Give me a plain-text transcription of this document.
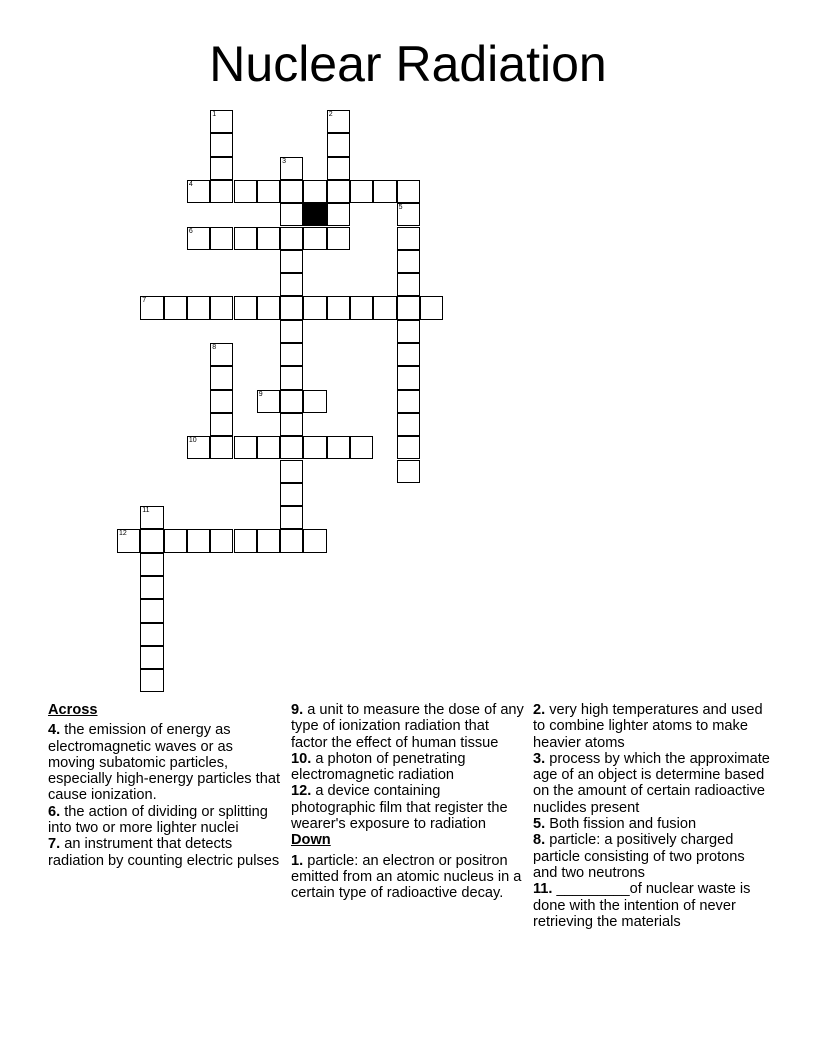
Nuclear Radiation
4
6
7
9
10
12
1	2
3
5
8
11

Across

4. the emission of energy as electromagnetic waves or as moving subatomic particles, especially high-energy particles that cause ionization.

6. the action of dividing or splitting into two or more lighter nuclei

7. an instrument that detects radiation by counting electric pulses

9. a unit to measure the dose of any type of ionization radiation that factor the effect of human tissue

10. a photon of penetrating electromagnetic radiation

12. a device containing photographic film that register the wearer's exposure to radiation

Down

1. particle: an electron or positron emitted from an atomic nucleus in a certain type of radioactive decay.

2. very high temperatures and used to combine lighter atoms to make heavier atoms

3. process by which the approximate age of an object is determine based on the amount of certain radioactive nuclides present

5. Both fission and fusion

8. particle: a positively charged particle consisting of two protons and two neutrons

11. _________of nuclear waste is done with the intention of never retrieving the materials
